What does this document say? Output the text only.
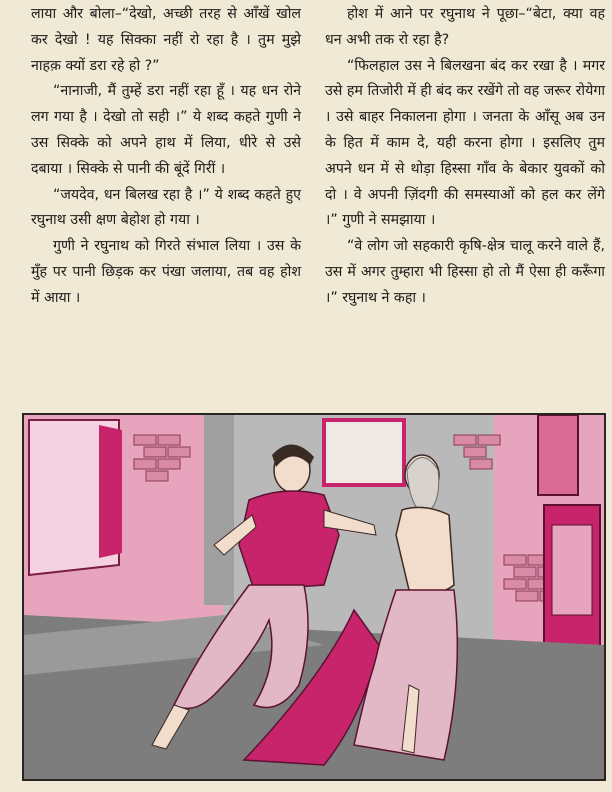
लाया और बोला–“देखो, अच्छी तरह से आँखें खोल कर देखो ! यह सिक्का नहीं रो रहा है । तुम मुझे नाहक़ क्यों डरा रहे हो ?”

“नानाजी, मैं तुम्हें डरा नहीं रहा हूँ । यह धन रोने लग गया है । देखो तो सही ।” ये शब्द कहते गुणी ने उस सिक्के को अपने हाथ में लिया, धीरे से उसे दबाया । सिक्के से पानी की बूंदें गिरीं ।

“जयदेव, धन बिलख रहा है ।” ये शब्द कहते हुए रघुनाथ उसी क्षण बेहोश हो गया ।

गुणी ने रघुनाथ को गिरते संभाल लिया । उस के मुँह पर पानी छिड़क कर पंखा जलाया, तब वह होश में आया ।

होश में आने पर रघुनाथ ने पूछा–“बेटा, क्या वह धन अभी तक रो रहा है?

“फिलहाल उस ने बिलखना बंद कर रखा है । मगर उसे हम तिजोरी में ही बंद कर रखेंगे तो वह जरूर रोयेगा । उसे बाहर निकालना होगा । जनता के आँसू अब उन के हित में काम दे, यही करना होगा । इसलिए तुम अपने धन में से थोड़ा हिस्सा गाँव के बेकार युवकों को दो । वे अपनी ज़िंदगी की समस्याओं को हल कर लेंगे ।” गुणी ने समझाया ।

“वे लोग जो सहकारी कृषि-क्षेत्र चालू करने वाले हैं, उस में अगर तुम्हारा भी हिस्सा हो तो मैं ऐसा ही करूँगा ।” रघुनाथ ने कहा ।
